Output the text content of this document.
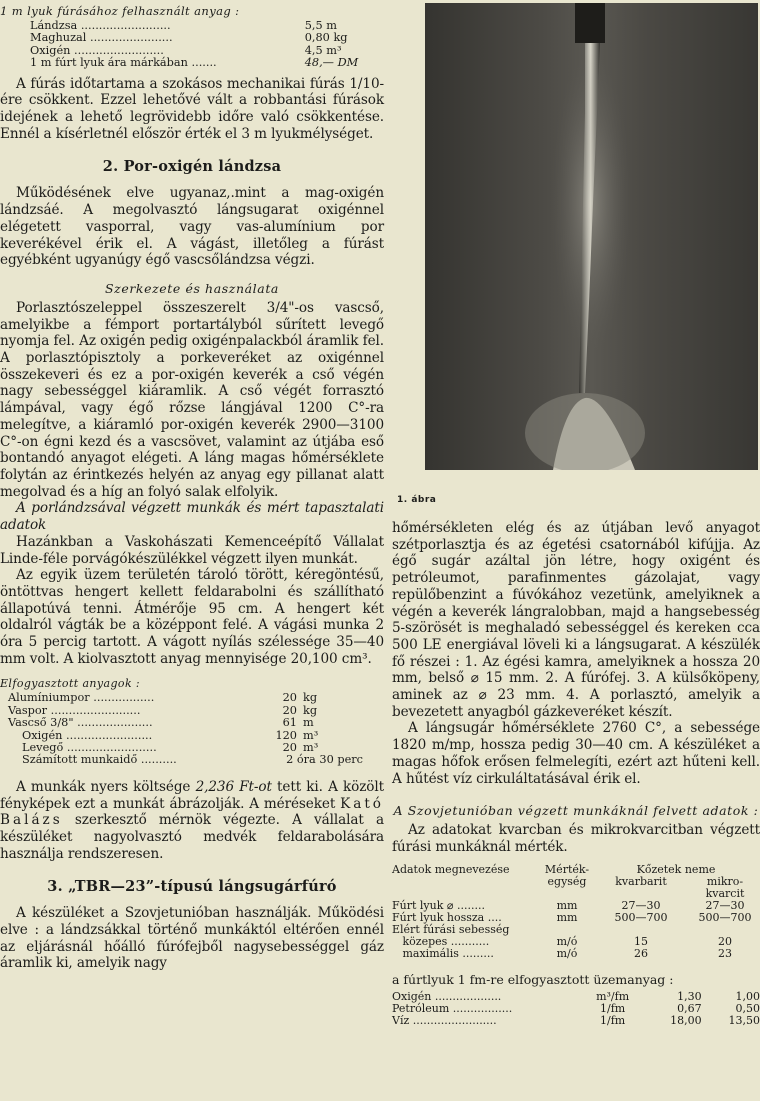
1 m lyuk fúrásához felhasznált anyag :
Lándzsa .........................	5,5 m
Maghuzal .......................	0,80 kg
Oxigén .........................	4,5 m³
1 m fúrt lyuk ára márkában .......	48,— DM

A fúrás időtartama a szokásos mechanikai fúrás 1/10-ére csökkent. Ezzel lehetővé vált a robbantási fúrások idejének a lehető legrövidebb időre való csökkentése. Ennél a kísérletnél először érték el 3 m lyukmélységet.

2. Por-oxigén lándzsa

Működésének elve ugyanaz,.mint a mag-oxigén lándzsáé. A megolvasztó lángsugarat oxigénnel elégetett vasporral, vagy vas-alumínium por keverékével érik el. A vágást, illetőleg a fúrást egyébként ugyanúgy égő vascsőlándzsa végzi.

Szerkezete és használata

Porlasztószeleppel összeszerelt 3/4"-os vascső, amelyikbe a fémport portartályból sűrített levegő nyomja fel. Az oxigén pedig oxigénpalackból áramlik fel. A porlasztópisztoly a porkeveréket az oxigénnel összekeveri és ez a por-oxigén keverék a cső végén nagy sebességgel kiáramlik. A cső végét forrasztó lámpával, vagy égő rőzse lángjával 1200 C°-ra melegítve, a kiáramló por-oxigén keverék 2900—3100 C°-on égni kezd és a vascsövet, valamint az útjába eső bontandó anyagot elégeti. A láng magas hőmérséklete folytán az érintkezés helyén az anyag egy pillanat alatt megolvad és a híg an folyó salak elfolyik.

A porlándzsával végzett munkák és mért tapasztalati adatok

Hazánkban a Vaskohászati Kemenceépítő Vállalat Linde-féle porvágókészülékkel végzett ilyen munkát.

Az egyik üzem területén tároló törött, kéregöntésű, öntöttvas hengert kellett feldarabolni és szállítható állapotúvá tenni. Átmérője 95 cm. A hengert két oldalról vágták be a középpont felé. A vágási munka 2 óra 5 percig tartott. A vágott nyílás szélessége 35—40 mm volt. A kiolvasztott anyag mennyisége 20,100 cm³.

Elfogyasztott anyagok :
Alumíniumpor .................	20	kg
Vaspor .........................	20	kg
Vascső 3/8" .....................	61	m
Oxigén ........................	120	m³
Levegő .........................	20	m³
Számított munkaidő ..........	2 óra 30 perc	

A munkák nyers költsége 2,236 Ft-ot tett ki. A közölt fényképek ezt a munkát ábrázolják. A méréseket Kató Balázs szerkesztő mérnök végezte. A vállalat a készüléket nagyolvasztó medvék feldarabolására használja rendszeresen.

3. „TBR—23”-típusú lángsugárfúró

A készüléket a Szovjetunióban használják. Működési elve : a lándzsákkal történő munkáktól eltérően ennél az eljárásnál hőálló fúrófejből nagysebességgel gáz áramlik ki, amelyik nagy

1. ábra

hőmérsékleten elég és az útjában levő anyagot szétporlasztja és az égetési csatornából kifújja. Az égő sugár azáltal jön létre, hogy oxigént és petróleumot, parafinmentes gázolajat, vagy repülőbenzint a fúvókához vezetünk, amelyiknek a végén a keverék lángralobban, majd a hangsebesség 5-szörösét is meghaladó sebességgel és kereken cca 500 LE energiával löveli ki a lángsugarat. A készülék fő részei : 1. Az égési kamra, amelyiknek a hossza 20 mm, belső ⌀ 15 mm. 2. A fúrófej. 3. A külsőköpeny, aminek az ⌀ 23 mm. 4. A porlasztó, amelyik a bevezetett anyagból gázkeveréket készít.

A lángsugár hőmérséklete 2760 C°, a sebessége 1820 m/mp, hossza pedig 30—40 cm. A készüléket a magas hőfok erősen felmelegíti, ezért azt hűteni kell. A hűtést víz cirkuláltatásával érik el.

A Szovjetunióban végzett munkáknál felvett adatok :

Az adatokat kvarcban és mikrokvarcitban végzett fúrási munkáknál mérték.

Adatok megnevezése	Mérték-egység	Kőzetek neme	
		kvarbarit	mikro-kvarcit
Fúrt lyuk ⌀ ........	mm	27—30	27—30
Fúrt lyuk hossza ....	mm	500—700	500—700
Elért fúrási sebesség			
közepes ...........	m/ó	15	20
maximális .........	m/ó	26	23
a fúrtlyuk 1 fm-re elfogyasztott üzemanyag :
Oxigén ...................	m³/fm	1,30	1,00
Petróleum .................	1/fm	0,67	0,50
Víz ........................	1/fm	18,00	13,50
